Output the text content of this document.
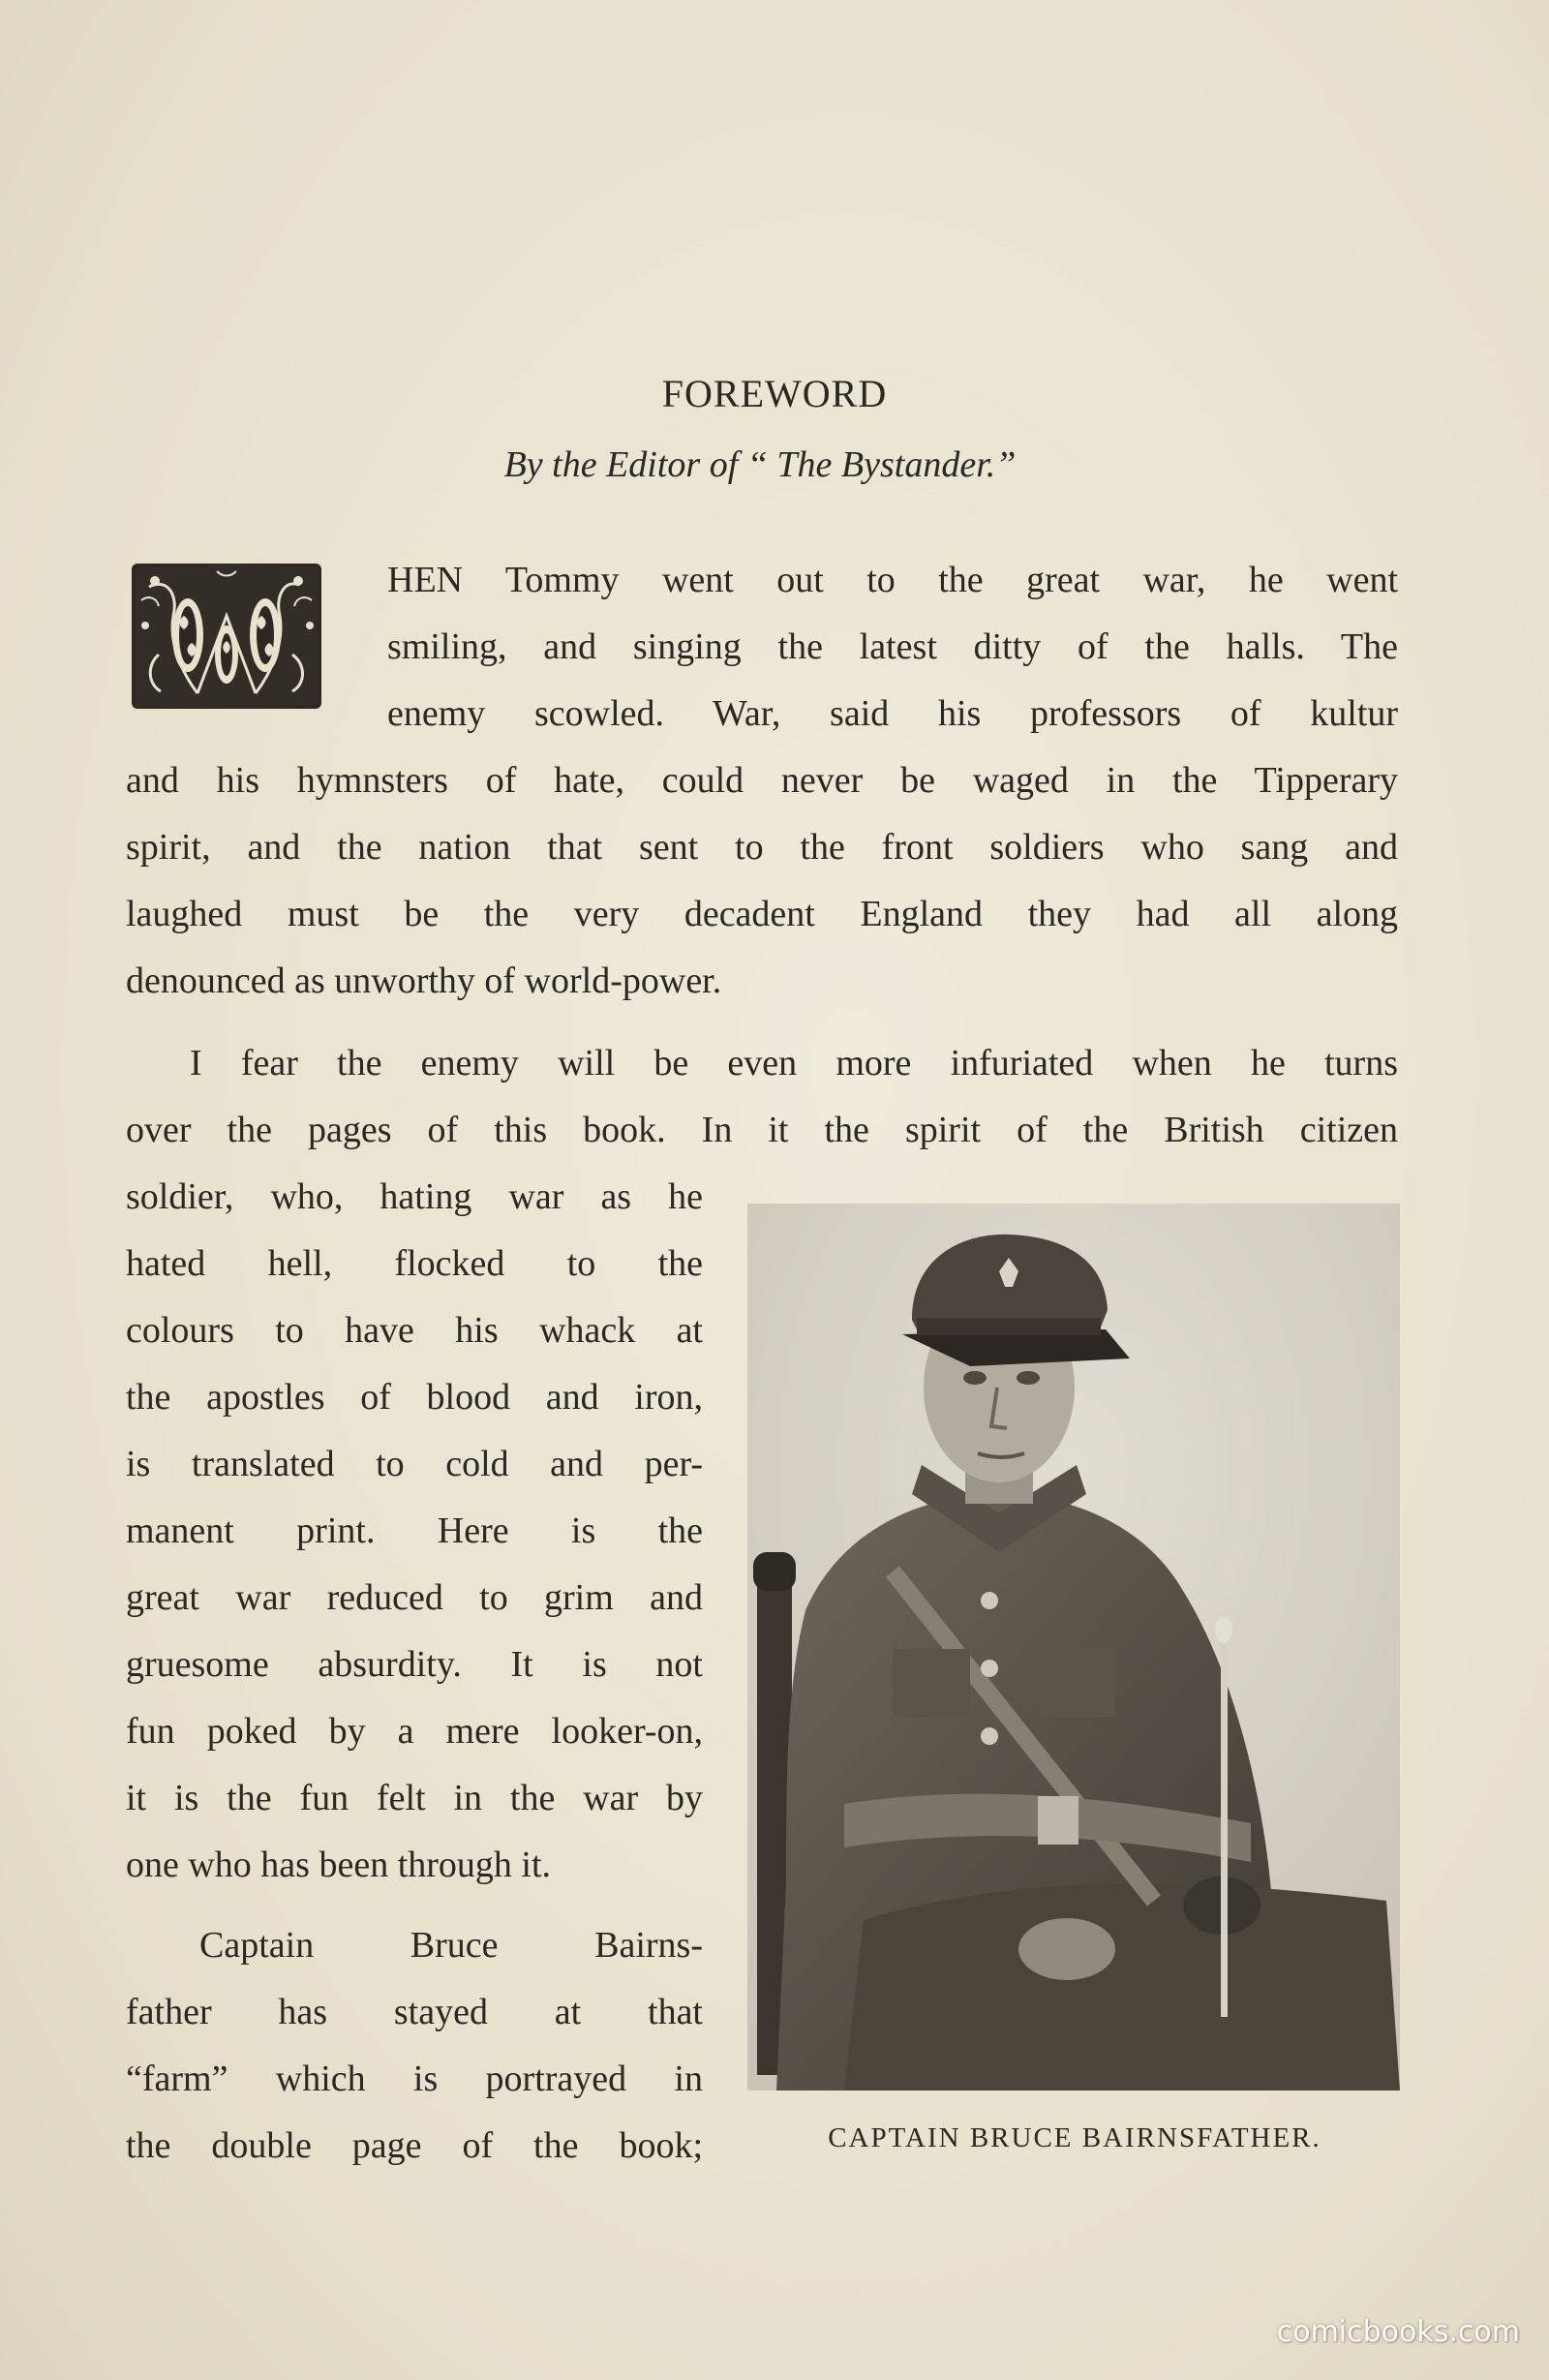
FOREWORD
By the Editor of “ The Bystander.”
HEN Tommy went out to the great war, he went
smiling, and singing the latest ditty of the halls. The
enemy scowled. War, said his professors of kultur
and his hymnsters of hate, could never be waged in the Tipperary
spirit, and the nation that sent to the front soldiers who sang and
laughed must be the very decadent England they had all along
denounced as unworthy of world-power.
I fear the enemy will be even more infuriated when he turns
over the pages of this book. In it the spirit of the British citizen
soldier, who, hating war as he
hated hell, flocked to the
colours to have his whack at
the apostles of blood and iron,
is translated to cold and per-
manent print. Here is the
great war reduced to grim and
gruesome absurdity. It is not
fun poked by a mere looker-on,
it is the fun felt in the war by
one who has been through it.
Captain Bruce Bairns-
father has stayed at that
“farm” which is portrayed in
the double page of the book;	CAPTAIN BRUCE BAIRNSFATHER.
comicbooks.com
